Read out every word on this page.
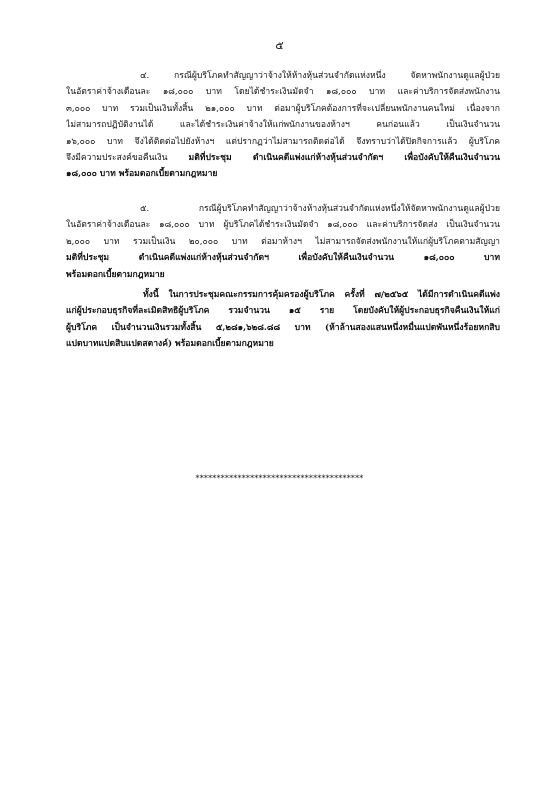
๕
๔. กรณีผู้บริโภคทำสัญญาว่าจ้างให้ห้างหุ้นส่วนจำกัดแห่งหนึ่ง จัดหาพนักงานดูแลผู้ป่วย
ในอัตราค่าจ้างเดือนละ ๑๘,๐๐๐ บาท โดยได้ชำระเงินมัดจำ ๑๘,๐๐๐ บาท และค่าบริการจัดส่งพนักงาน
๓,๐๐๐ บาท รวมเป็นเงินทั้งสิ้น ๒๑,๐๐๐ บาท ต่อมาผู้บริโภคต้องการที่จะเปลี่ยนพนักงานคนใหม่ เนื่องจาก
ไม่สามารถปฏิบัติงานได้ และได้ชำระเงินค่าจ้างให้แก่พนักงานของห้างฯ คนก่อนแล้ว เป็นเงินจำนวน
๑๖,๐๐๐ บาท จึงได้ติดต่อไปยังห้างฯ แต่ปรากฏว่าไม่สามารถติดต่อได้ จึงทราบว่าได้ปิดกิจการแล้ว ผู้บริโภค
จึงมีความประสงค์ขอคืนเงิน มติที่ประชุม ดำเนินคดีแพ่งแก่ห้างหุ้นส่วนจำกัดฯ เพื่อบังคับให้คืนเงินจำนวน
๑๘,๐๐๐ บาท พร้อมดอกเบี้ยตามกฎหมาย
๕. กรณีผู้บริโภคทำสัญญาว่าจ้างห้างหุ้นส่วนจำกัดแห่งหนึ่งให้จัดหาพนักงานดูแลผู้ป่วย
ในอัตราค่าจ้างเดือนละ ๑๘,๐๐๐ บาท ผู้บริโภคได้ชำระเงินมัดจำ ๑๘,๐๐๐ และค่าบริการจัดส่ง เป็นเงินจำนวน
๒,๐๐๐ บาท รวมเป็นเงิน ๒๐,๐๐๐ บาท ต่อมาห้างฯ ไม่สามารถจัดส่งพนักงานให้แก่ผู้บริโภคตามสัญญา
มติที่ประชุม ดำเนินคดีแพ่งแก่ห้างหุ้นส่วนจำกัดฯ เพื่อบังคับให้คืนเงินจำนวน ๑๘,๐๐๐ บาท
พร้อมดอกเบี้ยตามกฎหมาย
ทั้งนี้ ในการประชุมคณะกรรมการคุ้มครองผู้บริโภค ครั้งที่ ๗/๒๕๖๕ ได้มีการดำเนินคดีแพ่ง
แก่ผู้ประกอบธุรกิจที่ละเมิดสิทธิผู้บริโภค รวมจำนวน ๑๕ ราย โดยบังคับให้ผู้ประกอบธุรกิจคืนเงินให้แก่
ผู้บริโภค เป็นจำนวนเงินรวมทั้งสิ้น ๕,๒๘๑,๖๒๘.๘๘ บาท (ห้าล้านสองแสนหนึ่งหมื่นแปดพันหนึ่งร้อยหกสิบ
แปดบาทแปดสิบแปดสตางค์) พร้อมดอกเบี้ยตามกฎหมาย
****************************************
